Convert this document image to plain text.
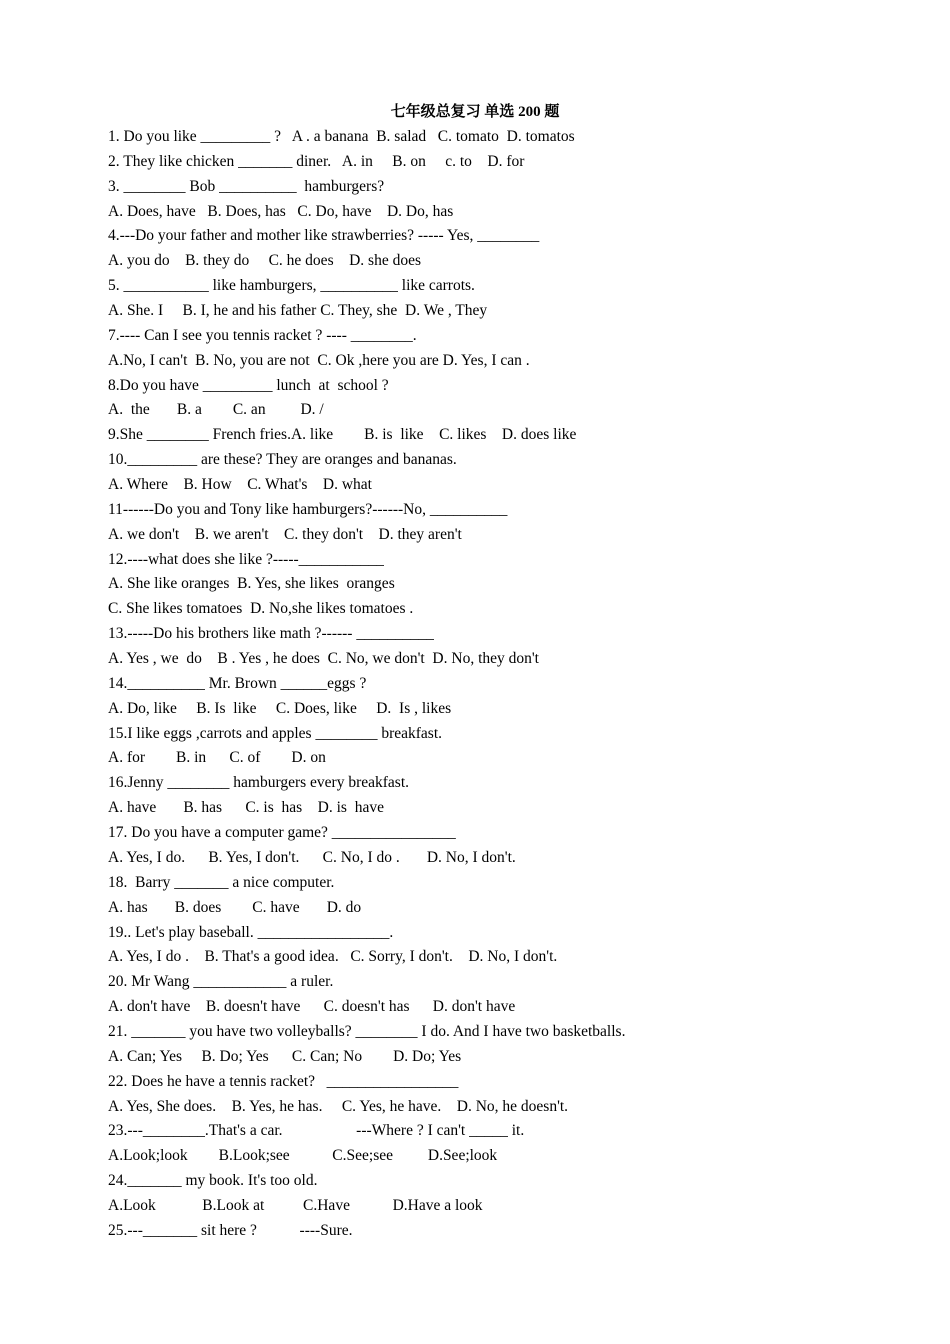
七年级总复习 单选 200 题
1. Do you like _________ ?   A . a banana  B. salad   C. tomato  D. tomatos
2. They like chicken _______ diner.   A. in     B. on     c. to    D. for
3. ________ Bob __________  hamburgers?
A. Does, have   B. Does, has   C. Do, have    D. Do, has
4.---Do your father and mother like strawberries? ----- Yes, ________
A. you do    B. they do     C. he does    D. she does
5. ___________ like hamburgers, __________ like carrots.
A. She. I     B. I, he and his father C. They, she  D. We , They
7.---- Can I see you tennis racket ? ---- ________.
A.No, I can't  B. No, you are not  C. Ok ,here you are D. Yes, I can .
8.Do you have _________ lunch  at  school ?
A.  the       B. a        C. an         D. /
9.She ________ French fries.A. like        B. is  like    C. likes    D. does like
10._________ are these? They are oranges and bananas.
A. Where    B. How    C. What's    D. what
11------Do you and Tony like hamburgers?------No, __________
A. we don't    B. we aren't    C. they don't    D. they aren't
12.----what does she like ?-----___________
A. She like oranges  B. Yes, she likes  oranges
C. She likes tomatoes  D. No,she likes tomatoes .
13.-----Do his brothers like math ?------ __________
A. Yes , we  do    B . Yes , he does  C. No, we don't  D. No, they don't
14.__________ Mr. Brown ______eggs ?
A. Do, like     B. Is  like     C. Does, like     D.  Is , likes
15.I like eggs ,carrots and apples ________ breakfast.
A. for        B. in      C. of        D. on
16.Jenny ________ hamburgers every breakfast.
A. have       B. has      C. is  has    D. is  have
17. Do you have a computer game? ________________
A. Yes, I do.      B. Yes, I don't.      C. No, I do .       D. No, I don't.
18.  Barry _______ a nice computer.
A. has       B. does        C. have       D. do
19.. Let's play baseball. _________________.
A. Yes, I do .    B. That's a good idea.   C. Sorry, I don't.    D. No, I don't.
20. Mr Wang ____________ a ruler.
A. don't have    B. doesn't have      C. doesn't has      D. don't have
21. _______ you have two volleyballs? ________ I do. And I have two basketballs.
A. Can; Yes     B. Do; Yes      C. Can; No        D. Do; Yes
22. Does he have a tennis racket?   _________________
A. Yes, She does.    B. Yes, he has.     C. Yes, he have.    D. No, he doesn't.
23.---________.That's a car.                   ---Where ? I can't _____ it.
A.Look;look        B.Look;see           C.See;see         D.See;look
24._______ my book. It's too old.
A.Look            B.Look at          C.Have           D.Have a look
25.---_______ sit here ?           ----Sure.
